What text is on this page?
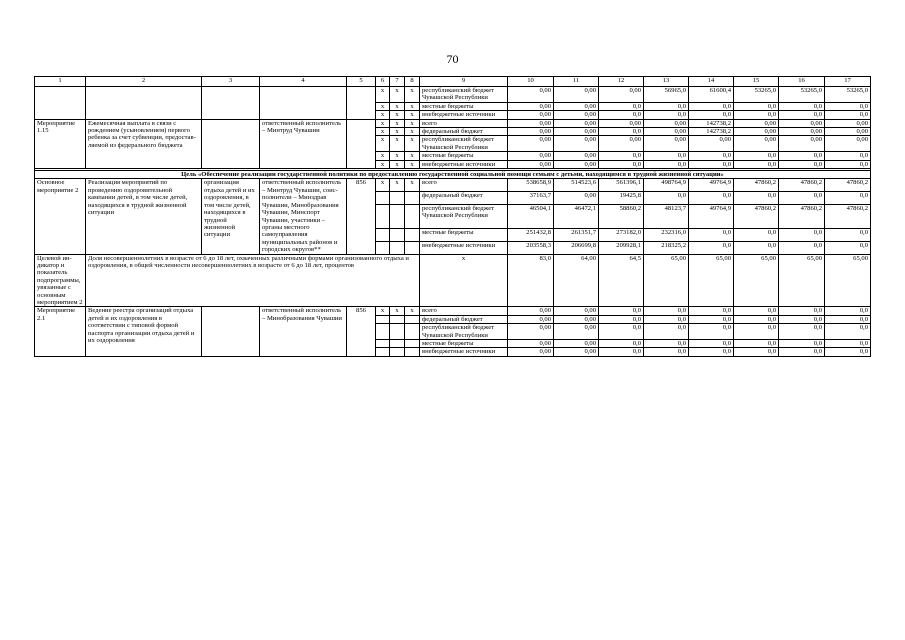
70
1	2	3	4	5	6	7	8	9	10	11	12	13	14	15	16	17
					x	x	x	республиканский бюджет Чувашской Республики	0,00	0,00	0,00	56965,0	61600,4	53265,0	53265,0	53265,0
					x	x	x	местные бюджеты	0,00	0,00	0,0	0,0	0,0	0,0	0,0	0,0
					x	x	x	внебюджетные источники	0,00	0,00	0,0	0,0	0,0	0,0	0,0	0,0
Мероприятие 1.15	Ежемесячная выплата в связи с рождением (усыновлением) первого ребенка за счет субвенции, предоставляемой из федерального бюджета		ответственный исполнитель – Минтруд Чувашии		x	x	x	всего	0,00	0,00	0,00	0,00	142738,2	0,00	0,00	0,00
					x	x	x	федеральный бюджет	0,00	0,00	0,0	0,00	142738,2	0,00	0,00	0,00
					x	x	x	республиканский бюджет Чувашской Республики	0,00	0,00	0,00	0,00	0,00	0,00	0,00	0,00
					x	x	x	местные бюджеты	0,00	0,00	0,0	0,0	0,0	0,0	0,0	0,0
					x	x	x	внебюджетные источники	0,00	0,00	0,0	0,0	0,0	0,0	0,0	0,0

Цель «Обеспечение реализации государственной политики по предоставлению государственной социальной помощи семьям с детьми, находящимся в трудной жизненной ситуации»																
Основное мероприятие 2	Реализация мероприятий по проведению оздоровительной кампании детей, в том числе детей, находящихся в трудной жизненной ситуации	организация отдыха детей и их оздоровления, в том числе детей, находящихся в трудной жизненной ситуации	ответственный исполнитель – Минтруд Чувашии, соисполнители – Минздрав Чувашии, Минобразования Чувашии, Минспорт Чувашии, участники – органы местного самоуправления муниципальных районов и городских округов**	856	x	x	x	всего	538658,9	514523,6	561396,1	498764,9	49764,9	47860,2	47860,2	47860,2
								федеральный бюджет	37163,7	0,00	19425,8	0,0	0,0	0,0	0,0	0,0
								республиканский бюджет Чувашской Республики	46504,1	46472,1	58860,2	48123,7	49764,9	47860,2	47860,2	47860,2
								местные бюджеты	251432,8	261351,7	273182,0	232316,0	0,0	0,0	0,0	0,0
								внебюджетные источники	203558,3	206699,8	209928,1	218325,2	0,0	0,0	0,0	0,0
Целевой индикатор и показатель подпрограммы, увязанные с основным мероприятием 2	Доля несовершеннолетних в возрасте от 6 до 18 лет, охваченных различными формами организованного отдыха и оздоровления, в общей численности несовершеннолетних в возрасте от 6 до 18 лет, процентов							x	83,0	64,00	64,5	65,00	65,00	65,00	65,00	65,00
Мероприятие 2.1	Ведение реестра организаций отдыха детей и их оздоровления в соответствии с типовой формой паспорта организации отдыха детей и их оздоровления		ответственный исполнитель – Минобразования Чувашии	856	x	x	x	всего	0,00	0,00	0,0	0,0	0,0	0,0	0,0	0,0
								федеральный бюджет	0,00	0,00	0,0	0,0	0,0	0,0	0,0	0,0
								республиканский бюджет Чувашской Республики	0,00	0,00	0,0	0,0	0,0	0,0	0,0	0,0
								местные бюджеты	0,00	0,00	0,0	0,0	0,0	0,0	0,0	0,0
								внебюджетные источники	0,00	0,00	0,0	0,0	0,0	0,0	0,0	0,0
